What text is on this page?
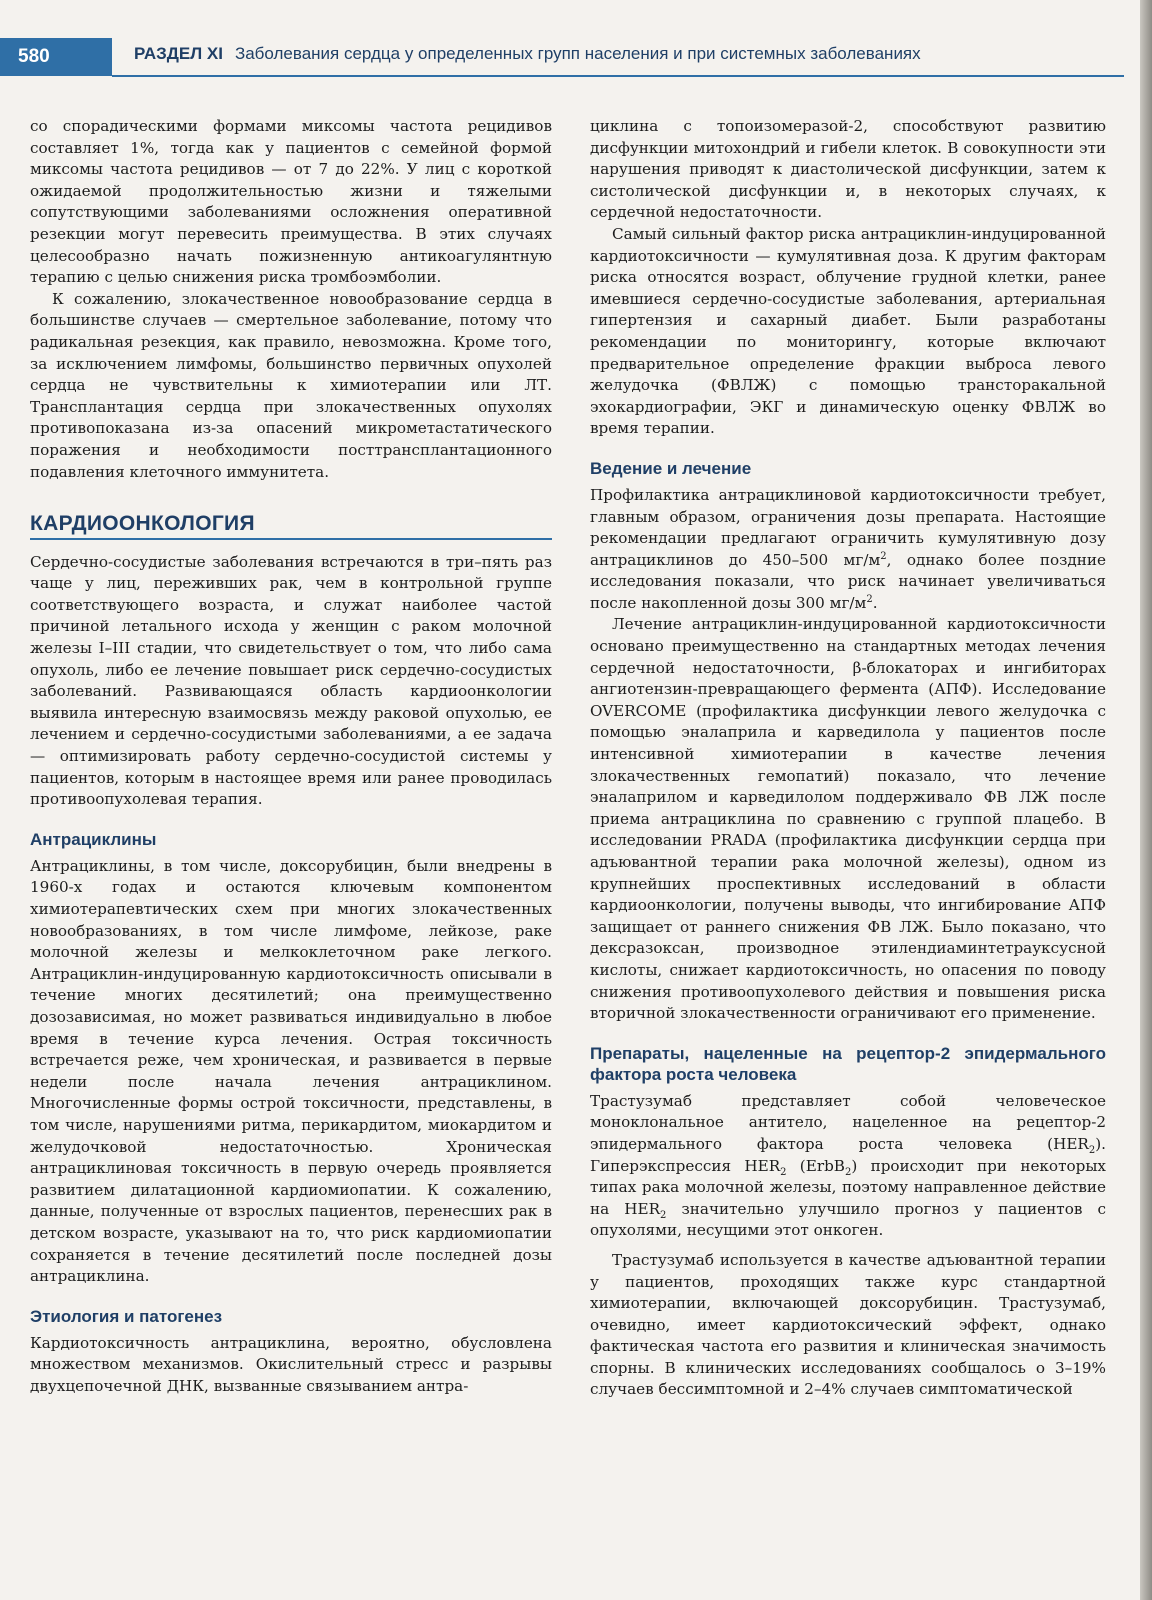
580	РАЗДЕЛ XI Заболевания сердца у определенных групп населения и при системных заболеваниях

со спорадическими формами миксомы частота рецидивов составляет 1%, тогда как у пациентов с семейной формой миксомы частота рецидивов — от 7 до 22%. У лиц с короткой ожидаемой продолжительностью жизни и тяжелыми сопутствующими заболеваниями осложнения оперативной резекции могут перевесить преимущества. В этих случаях целесообразно начать пожизненную антикоагулянтную терапию с целью снижения риска тромбоэмболии.

К сожалению, злокачественное новообразование сердца в большинстве случаев — смертельное заболевание, потому что радикальная резекция, как правило, невозможна. Кроме того, за исключением лимфомы, большинство первичных опухолей сердца не чувствительны к химиотерапии или ЛТ. Трансплантация сердца при злокачественных опухолях противопоказана из-за опасений микрометастатического поражения и необходимости посттрансплантационного подавления клеточного иммунитета.

КАРДИООНКОЛОГИЯ

Сердечно-сосудистые заболевания встречаются в три–пять раз чаще у лиц, переживших рак, чем в контрольной группе соответствующего возраста, и служат наиболее частой причиной летального исхода у женщин с раком молочной железы I–III стадии, что свидетельствует о том, что либо сама опухоль, либо ее лечение повышает риск сердечно-сосудистых заболеваний. Развивающаяся область кардиоонкологии выявила интересную взаимосвязь между раковой опухолью, ее лечением и сердечно-сосудистыми заболеваниями, а ее задача — оптимизировать работу сердечно-сосудистой системы у пациентов, которым в настоящее время или ранее проводилась противоопухолевая терапия.

Антрациклины

Антрациклины, в том числе, доксорубицин, были внедрены в 1960-х годах и остаются ключевым компонентом химиотерапевтических схем при многих злокачественных новообразованиях, в том числе лимфоме, лейкозе, раке молочной железы и мелкоклеточном раке легкого. Антрациклин-индуцированную кардиотоксичность описывали в течение многих десятилетий; она преимущественно дозозависимая, но может развиваться индивидуально в любое время в течение курса лечения. Острая токсичность встречается реже, чем хроническая, и развивается в первые недели после начала лечения антрациклином. Многочисленные формы острой токсичности, представлены, в том числе, нарушениями ритма, перикардитом, миокардитом и желудочковой недостаточностью. Хроническая антрациклиновая токсичность в первую очередь проявляется развитием дилатационной кардиомиопатии. К сожалению, данные, полученные от взрослых пациентов, перенесших рак в детском возрасте, указывают на то, что риск кардиомиопатии сохраняется в течение десятилетий после последней дозы антрациклина.

Этиология и патогенез

Кардиотоксичность антрациклина, вероятно, обусловлена множеством механизмов. Окислительный стресс и разрывы двухцепочечной ДНК, вызванные связыванием антра-

циклина с топоизомеразой-2, способствуют развитию дисфункции митохондрий и гибели клеток. В совокупности эти нарушения приводят к диастолической дисфункции, затем к систолической дисфункции и, в некоторых случаях, к сердечной недостаточности.

Самый сильный фактор риска антрациклин-индуцированной кардиотоксичности — кумулятивная доза. К другим факторам риска относятся возраст, облучение грудной клетки, ранее имевшиеся сердечно-сосудистые заболевания, артериальная гипертензия и сахарный диабет. Были разработаны рекомендации по мониторингу, которые включают предварительное определение фракции выброса левого желудочка (ФВЛЖ) с помощью трансторакальной эхокардиографии, ЭКГ и динамическую оценку ФВЛЖ во время терапии.

Ведение и лечение

Профилактика антрациклиновой кардиотоксичности требует, главным образом, ограничения дозы препарата. Настоящие рекомендации предлагают ограничить кумулятивную дозу антрациклинов до 450–500 $мг/м^2$, однако более поздние исследования показали, что риск начинает увеличиваться после накопленной дозы 300 $мг/м^2$.

Лечение антрациклин-индуцированной кардиотоксичности основано преимущественно на стандартных методах лечения сердечной недостаточности, β-блокаторах и ингибиторах ангиотензин-превращающего фермента (АПФ). Исследование OVERCOME (профилактика дисфункции левого желудочка с помощью эналаприла и карведилола у пациентов после интенсивной химиотерапии в качестве лечения злокачественных гемопатий) показало, что лечение эналаприлом и карведилолом поддерживало ФВ ЛЖ после приема антрациклина по сравнению с группой плацебо. В исследовании PRADA (профилактика дисфункции сердца при адъювантной терапии рака молочной железы), одном из крупнейших проспективных исследований в области кардиоонкологии, получены выводы, что ингибирование АПФ защищает от раннего снижения ФВ ЛЖ. Было показано, что дексразоксан, производное этилендиаминтетрауксусной кислоты, снижает кардиотоксичность, но опасения по поводу снижения противоопухолевого действия и повышения риска вторичной злокачественности ограничивают его применение.

Препараты, нацеленные на рецептор-2 эпидермального фактора роста человека

Трастузумаб представляет собой человеческое моноклональное антитело, нацеленное на рецептор-2 эпидермального фактора роста человека $(HER_2)$. Гиперэкспрессия $HER_2$ (ErbB$_2$) происходит при некоторых типах рака молочной железы, поэтому направленное действие на $HER_2$ значительно улучшило прогноз у пациентов с опухолями, несущими этот онкоген.

Трастузумаб используется в качестве адъювантной терапии у пациентов, проходящих также курс стандартной химиотерапии, включающей доксорубицин. Трастузумаб, очевидно, имеет кардиотоксический эффект, однако фактическая частота его развития и клиническая значимость спорны. В клинических исследованиях сообщалось о 3–19% случаев бессимптомной и 2–4% случаев симптоматической
